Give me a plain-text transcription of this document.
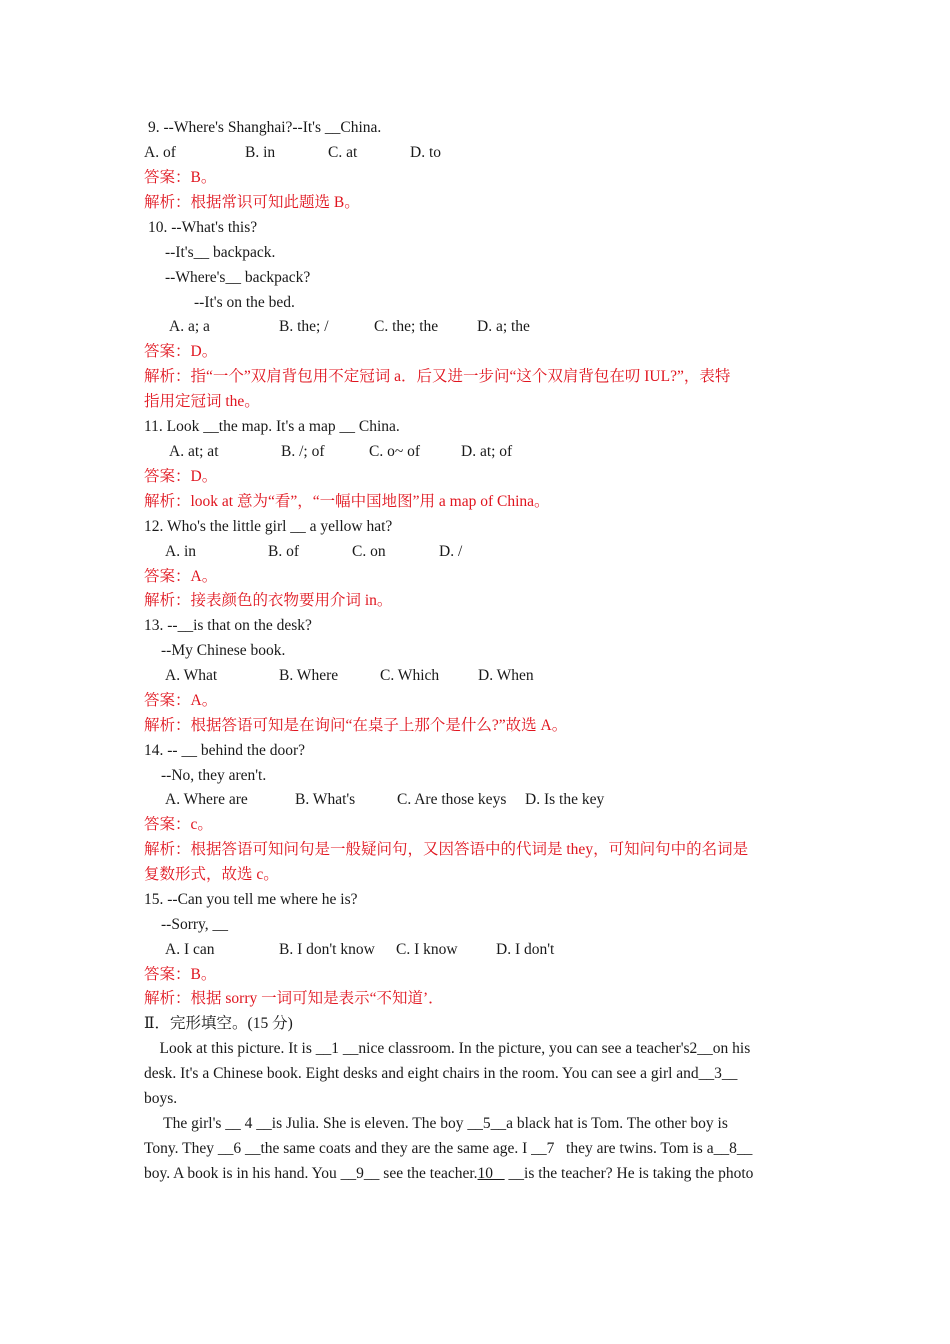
9. --Where's Shanghai?--It's __China.
A. of	B. in	C. at	D. to
答案：B。
解析：根据常识可知此题选 B。
10. --What's this?
--It's__ backpack.
--Where's__ backpack?
--It's on the bed.
A. a; a	B. the; /	C. the; the	D. a; the
答案：D。
解析：指“一个”双肩背包用不定冠词 a．后又进一步问“这个双肩背包在叨 IUL?”，表特
指用定冠词 the。
11. Look __the map. It's a map __ China.
A. at; at	B. /; of	C. o~ of	D. at; of
答案：D。
解析：look at 意为“看”，“一幅中国地图”用 a map of China。
12. Who's the little girl __ a yellow hat?
A. in	B. of	C. on	D. /
答案：A。
解析：接表颜色的衣物要用介词 in。
13. --__is that on the desk?
--My Chinese book.
A. What	B. Where	C. Which	D. When
答案：A。
解析：根据答语可知是在询问“在桌子上那个是什么?”故选 A。
14. -- __ behind the door?
--No, they aren't.
A. Where are	B. What's	C. Are those keys D. Is the key
答案：c。
解析：根据答语可知问句是一般疑问句，又因答语中的代词是 they，可知问句中的名词是
复数形式，故选 c。
15. --Can you tell me where he is?
--Sorry, __
A. I can	B. I don't know C. I know D. I don't
答案：B。
解析：根据 sorry 一词可知是表示“不知道’．
Ⅱ．完形填空。(15 分)
Look at this picture. It is __1 __nice classroom. In the picture, you can see a teacher's2__on his
desk. It's a Chinese book. Eight desks and eight chairs in the room. You can see a girl and__3__
boys.
The girl's __ 4 __is Julia. She is eleven. The boy __5__a black hat is Tom. The other boy is
Tony. They __6 __the same coats and they are the same age. I __7   they are twins. Tom is a__8__
boy. A book is in his hand. You __9__ see the teacher.10    __is the teacher? He is taking the photo
